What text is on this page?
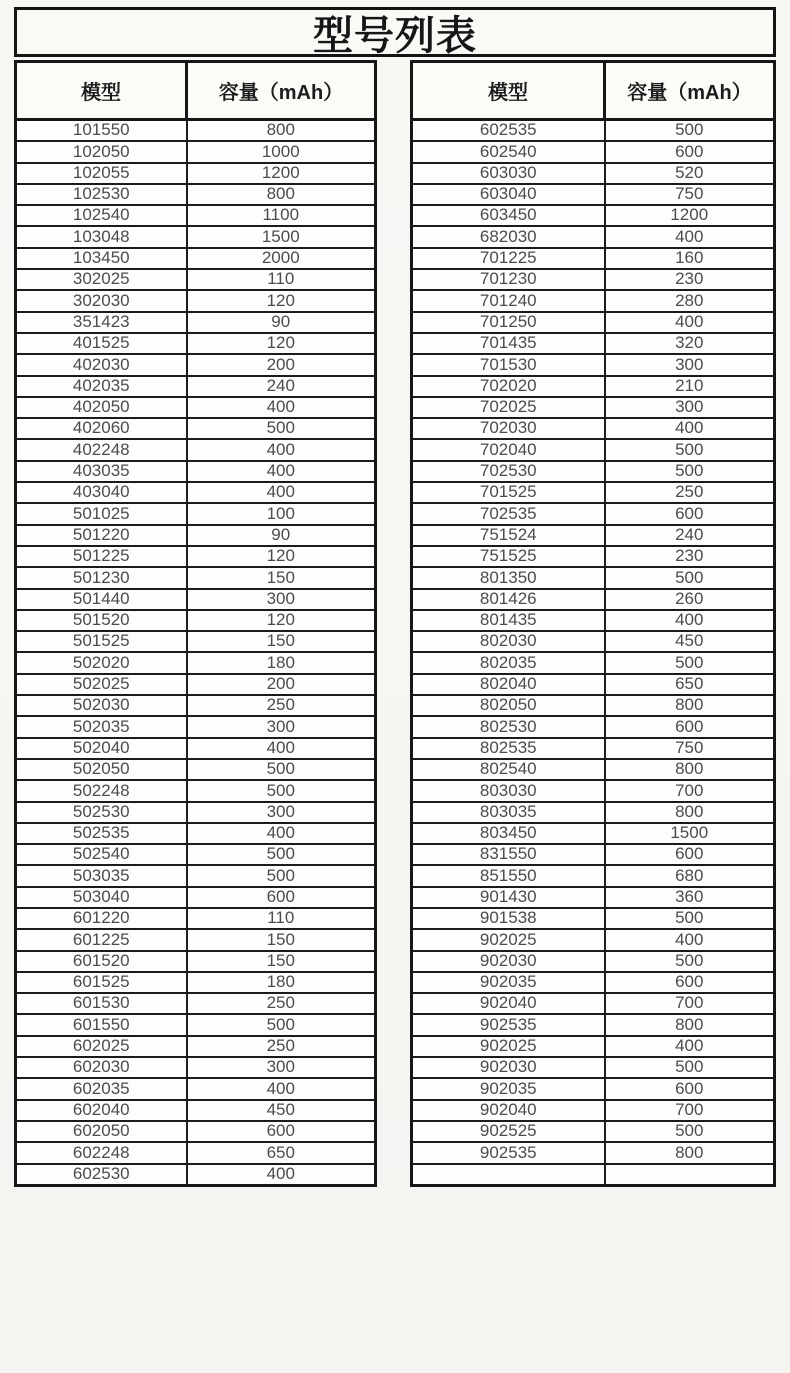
型号列表
模型	容量（mAh）
101550	800
102050	1000
102055	1200
102530	800
102540	1100
103048	1500
103450	2000
302025	110
302030	120
351423	90
401525	120
402030	200
402035	240
402050	400
402060	500
402248	400
403035	400
403040	400
501025	100
501220	90
501225	120
501230	150
501440	300
501520	120
501525	150
502020	180
502025	200
502030	250
502035	300
502040	400
502050	500
502248	500
502530	300
502535	400
502540	500
503035	500
503040	600
601220	110
601225	150
601520	150
601525	180
601530	250
601550	500
602025	250
602030	300
602035	400
602040	450
602050	600
602248	650
602530	400
模型	容量（mAh）
602535	500
602540	600
603030	520
603040	750
603450	1200
682030	400
701225	160
701230	230
701240	280
701250	400
701435	320
701530	300
702020	210
702025	300
702030	400
702040	500
702530	500
701525	250
702535	600
751524	240
751525	230
801350	500
801426	260
801435	400
802030	450
802035	500
802040	650
802050	800
802530	600
802535	750
802540	800
803030	700
803035	800
803450	1500
831550	600
851550	680
901430	360
901538	500
902025	400
902030	500
902035	600
902040	700
902535	800
902025	400
902030	500
902035	600
902040	700
902525	500
902535	800
